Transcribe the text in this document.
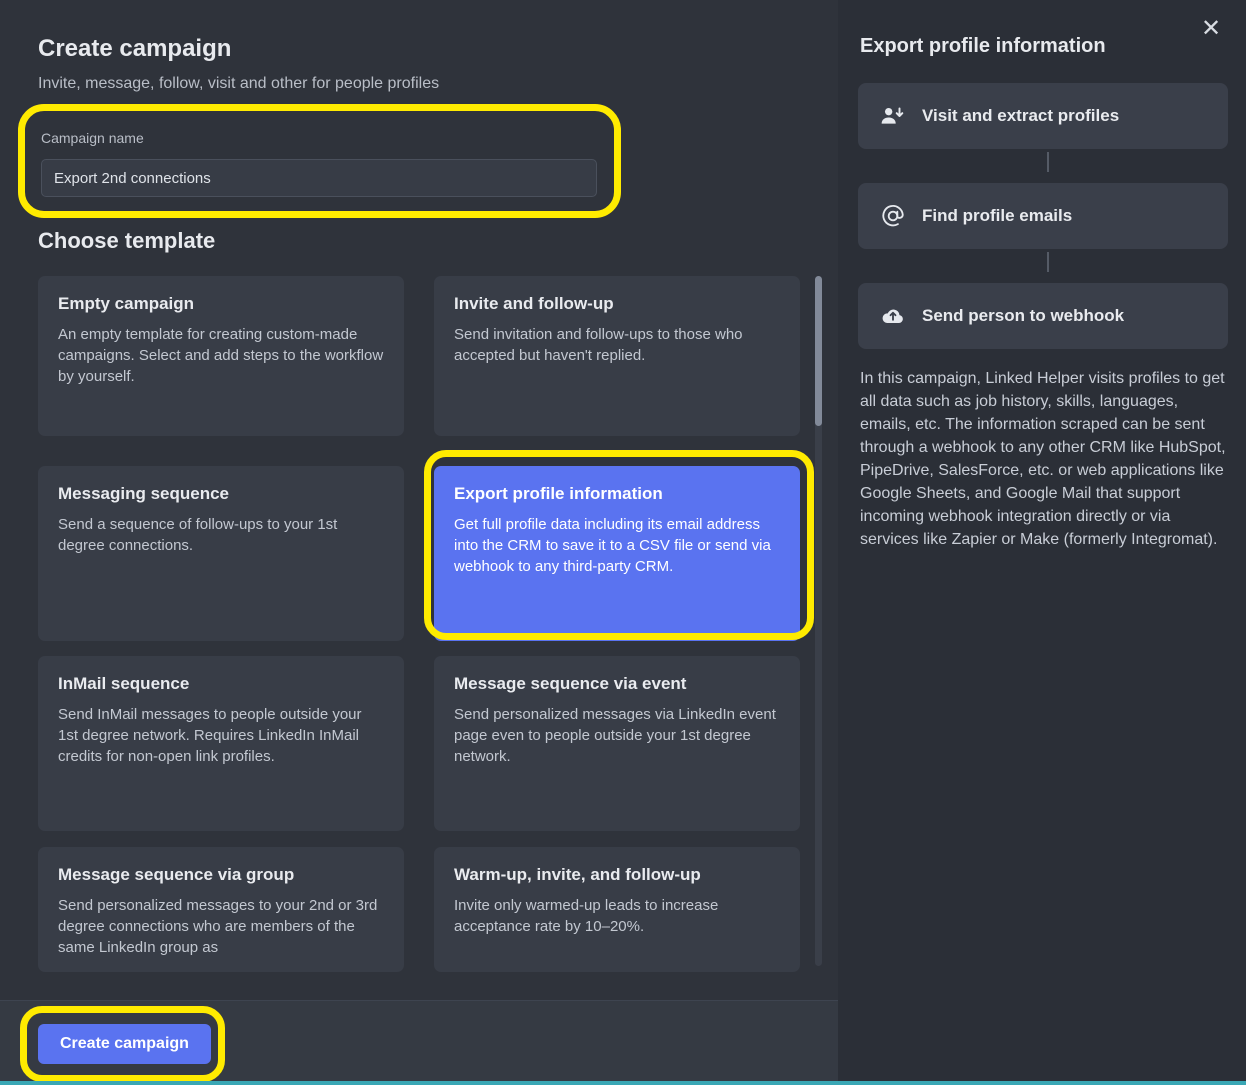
Create campaign
Invite, message, follow, visit and other for people profiles
Campaign name
Export 2nd connections
Choose template
Empty campaign
An empty template for creating custom-made campaigns. Select and add steps to the workflow by yourself.
Invite and follow-up
Send invitation and follow-ups to those who accepted but haven't replied.
Messaging sequence
Send a sequence of follow-ups to your 1st degree connections.
Export profile information
Get full profile data including its email address into the CRM to save it to a CSV file or send via webhook to any third-party CRM.
InMail sequence
Send InMail messages to people outside your 1st degree network. Requires LinkedIn InMail credits for non-open link profiles.
Message sequence via event
Send personalized messages via LinkedIn event page even to people outside your 1st degree network.
Message sequence via group
Send personalized messages to your 2nd or 3rd degree connections who are members of the same LinkedIn group as
Warm-up, invite, and follow-up
Invite only warmed-up leads to increase acceptance rate by 10–20%.
Create campaign
✕
Export profile information
Visit and extract profiles
Find profile emails
Send person to webhook
In this campaign, Linked Helper visits profiles to get all data such as job history, skills, languages, emails, etc. The information scraped can be sent through a webhook to any other CRM like HubSpot, PipeDrive, SalesForce, etc. or web applications like Google Sheets, and Google Mail that support incoming webhook integration directly or via services like Zapier or Make (formerly Integromat).
